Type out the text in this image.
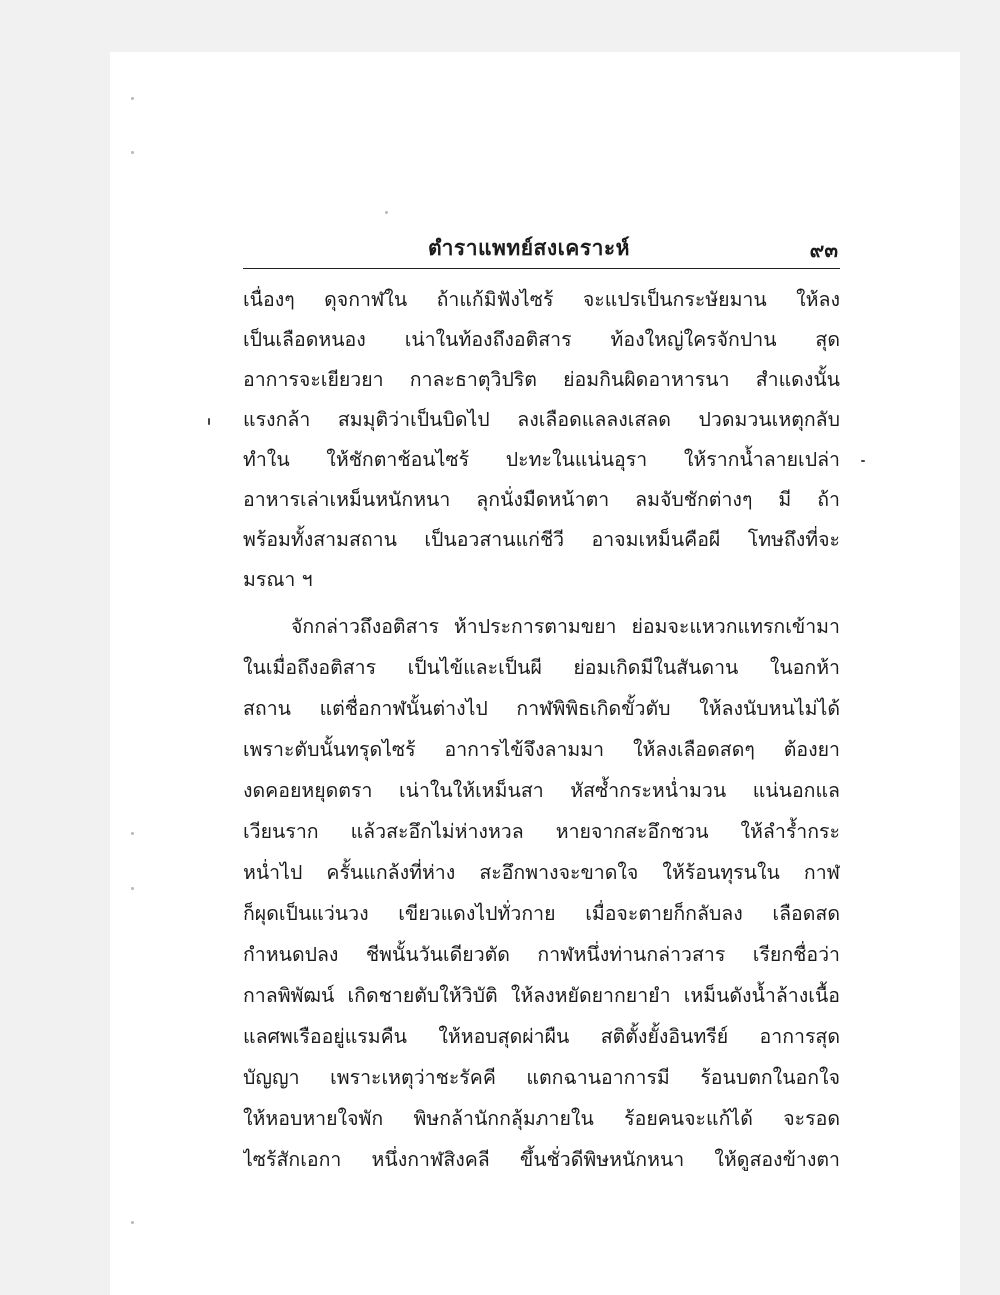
ตำราแพทย์สงเคราะห์	๙๓
เนื่องๆ ดุจกาฬใน ถ้าแก้มิฟังไซร้ จะแปรเป็นกระษัยมาน ให้ลง
เป็นเลือดหนอง เน่าในท้องถึงอติสาร ท้องใหญ่ใครจักปาน สุด
อาการจะเยียวยา กาละธาตุวิปริต ย่อมกินผิดอาหารนา สำแดงนั้น
แรงกล้า สมมุติว่าเป็นบิดไป ลงเลือดแลลงเสลด ปวดมวนเหตุกลับ
ทำใน ให้ชักตาช้อนไซร้ ปะทะในแน่นอุรา ให้รากน้ำลายเปล่า
อาหารเล่าเหม็นหนักหนา ลุกนั่งมืดหน้าตา ลมจับชักต่างๆ มี ถ้า
พร้อมทั้งสามสถาน เป็นอวสานแก่ชีวี อาจมเหม็นคือผี โทษถึงที่จะ
มรณา ฯ
จักกล่าวถึงอติสาร ห้าประการตามขยา ย่อมจะแหวกแทรกเข้ามา
ในเมื่อถึงอติสาร เป็นไข้และเป็นผี ย่อมเกิดมีในสันดาน ในอกห้า
สถาน แต่ชื่อกาฬนั้นต่างไป กาฬพิพิธเกิดขั้วตับ ให้ลงนับหนไม่ได้
เพราะตับนั้นทรุดไซร้ อาการไข้จึงลามมา ให้ลงเลือดสดๆ ต้องยา
งดคอยหยุดตรา เน่าในให้เหม็นสา หัสซ้ำกระหน่ำมวน แน่นอกแล
เวียนราก แล้วสะอึกไม่ห่างหวล หายจากสะอึกชวน ให้ลำร้ำกระ
หน่ำไป ครั้นแกล้งที่ห่าง สะอึกพางจะขาดใจ ให้ร้อนทุรนใน กาฬ
ก็ผุดเป็นแว่นวง เขียวแดงไปทั่วกาย เมื่อจะตายก็กลับลง เลือดสด
กำหนดปลง ชีพนั้นวันเดียวตัด กาฬหนึ่งท่านกล่าวสาร เรียกชื่อว่า
กาลพิพัฒน์ เกิดชายตับให้วิบัติ ให้ลงหยัดยากยายำ เหม็นดังน้ำล้างเนื้อ
แลศพเรืออยู่แรมคืน ให้หอบสุดผ่าผืน สติตั้งยั้งอินทรีย์ อาการสุด
บัญญา เพราะเหตุว่าชะรัคคี แตกฉานอาการมี ร้อนบตกในอกใจ
ให้หอบหายใจพัก พิษกล้านักกลุ้มภายใน ร้อยคนจะแก้ได้ จะรอด
ไซร้สักเอกา หนึ่งกาฬสิงคลี ขึ้นชั่วดีพิษหนักหนา ให้ดูสองข้างตา
